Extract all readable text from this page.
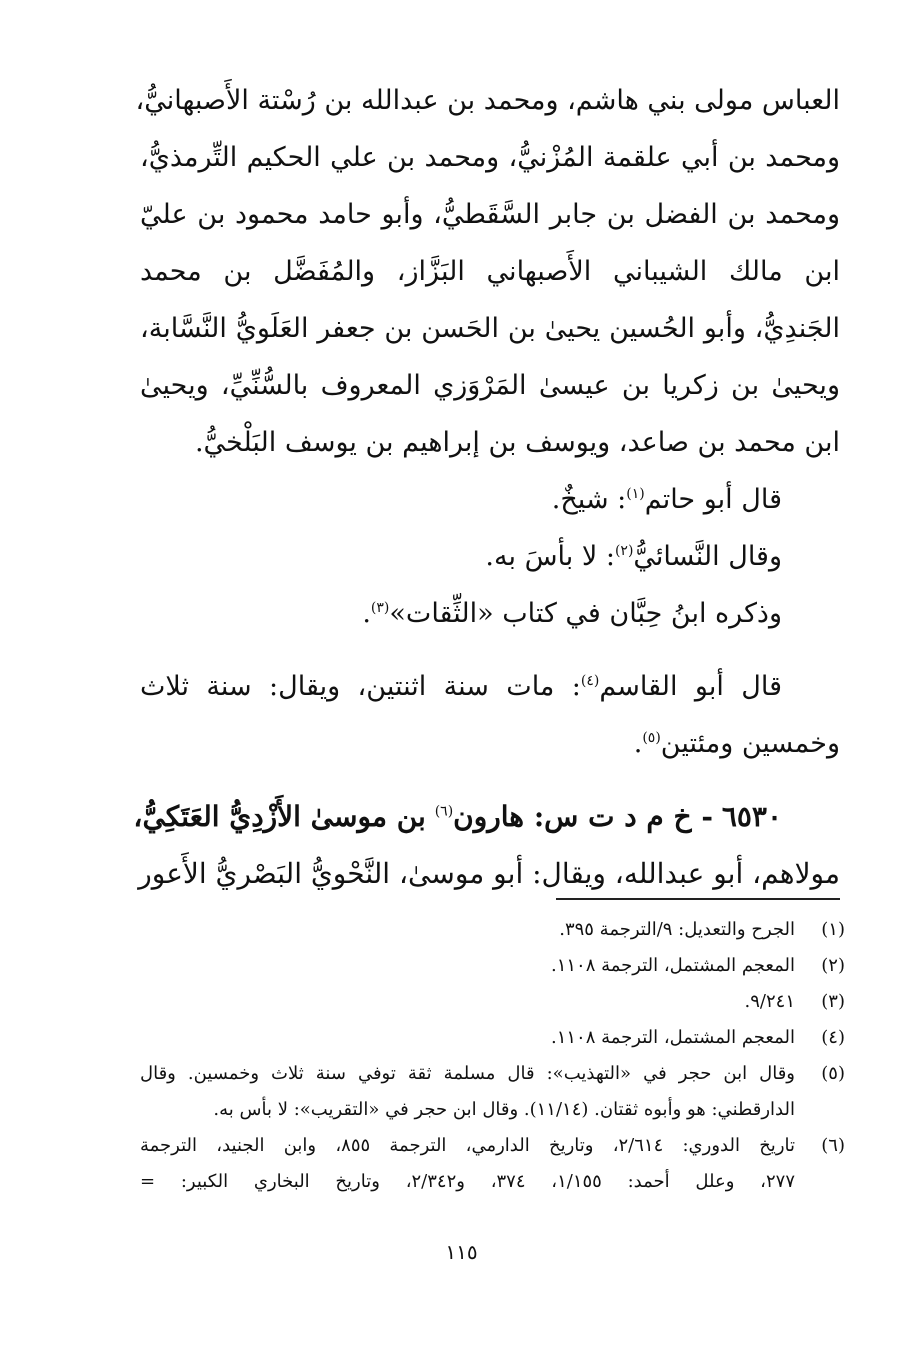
العباس مولى بني هاشم، ومحمد بن عبدالله بن رُسْتة الأَصبهانيُّ،
ومحمد بن أبي علقمة المُزْنيُّ، ومحمد بن علي الحكيم التِّرمذيُّ،
ومحمد بن الفضل بن جابر السَّقَطيُّ، وأبو حامد محمود بن عليّ
ابن مالك الشيباني الأَصبهاني البَزَّاز، والمُفَضَّل بن محمد
الجَندِيُّ، وأبو الحُسين يحيىٰ بن الحَسن بن جعفر العَلَويُّ النَّسَّابة،
ويحيىٰ بن زكريا بن عيسىٰ المَرْوَزي المعروف بالسُّنِّيِّ، ويحيىٰ
ابن محمد بن صاعد، ويوسف بن إبراهيم بن يوسف البَلْخيُّ.
قال أبو حاتم$^{(١)}$: شيخٌ.
وقال النَّسائيُّ$^{(٢)}$: لا بأسَ به.
وذكره ابنُ حِبَّان في كتاب «الثِّقات»$^{(٣)}$.
قال أبو القاسم$^{(٤)}$: مات سنة اثنتين، ويقال: سنة ثلاث
وخمسين ومئتين$^{(٥)}$.
٦٥٣٠ - خ م د ت س: هارون$^{(٦)}$ بن موسىٰ الأَزْدِيُّ العَتَكِيُّ،
مولاهم، أبو عبدالله، ويقال: أبو موسىٰ، النَّحْويُّ البَصْريُّ الأَعور
(١)
الجرح والتعديل: ٩/الترجمة ٣٩٥.
(٢)
المعجم المشتمل، الترجمة ١١٠٨.
(٣)
٩/٢٤١.
(٤)
المعجم المشتمل، الترجمة ١١٠٨.
(٥)
وقال ابن حجر في «التهذيب»: قال مسلمة ثقة توفي سنة ثلاث وخمسين. وقال
الدارقطني: هو وأبوه ثقتان. (١١/١٤). وقال ابن حجر في «التقريب»: لا بأس به.
(٦)
تاريخ الدوري: ٢/٦١٤، وتاريخ الدارمي، الترجمة ٨٥٥، وابن الجنيد، الترجمة
٢٧٧، وعلل أحمد: ١/١٥٥، ٣٧٤، و٢/٣٤٢، وتاريخ البخاري الكبير: =
١١٥
